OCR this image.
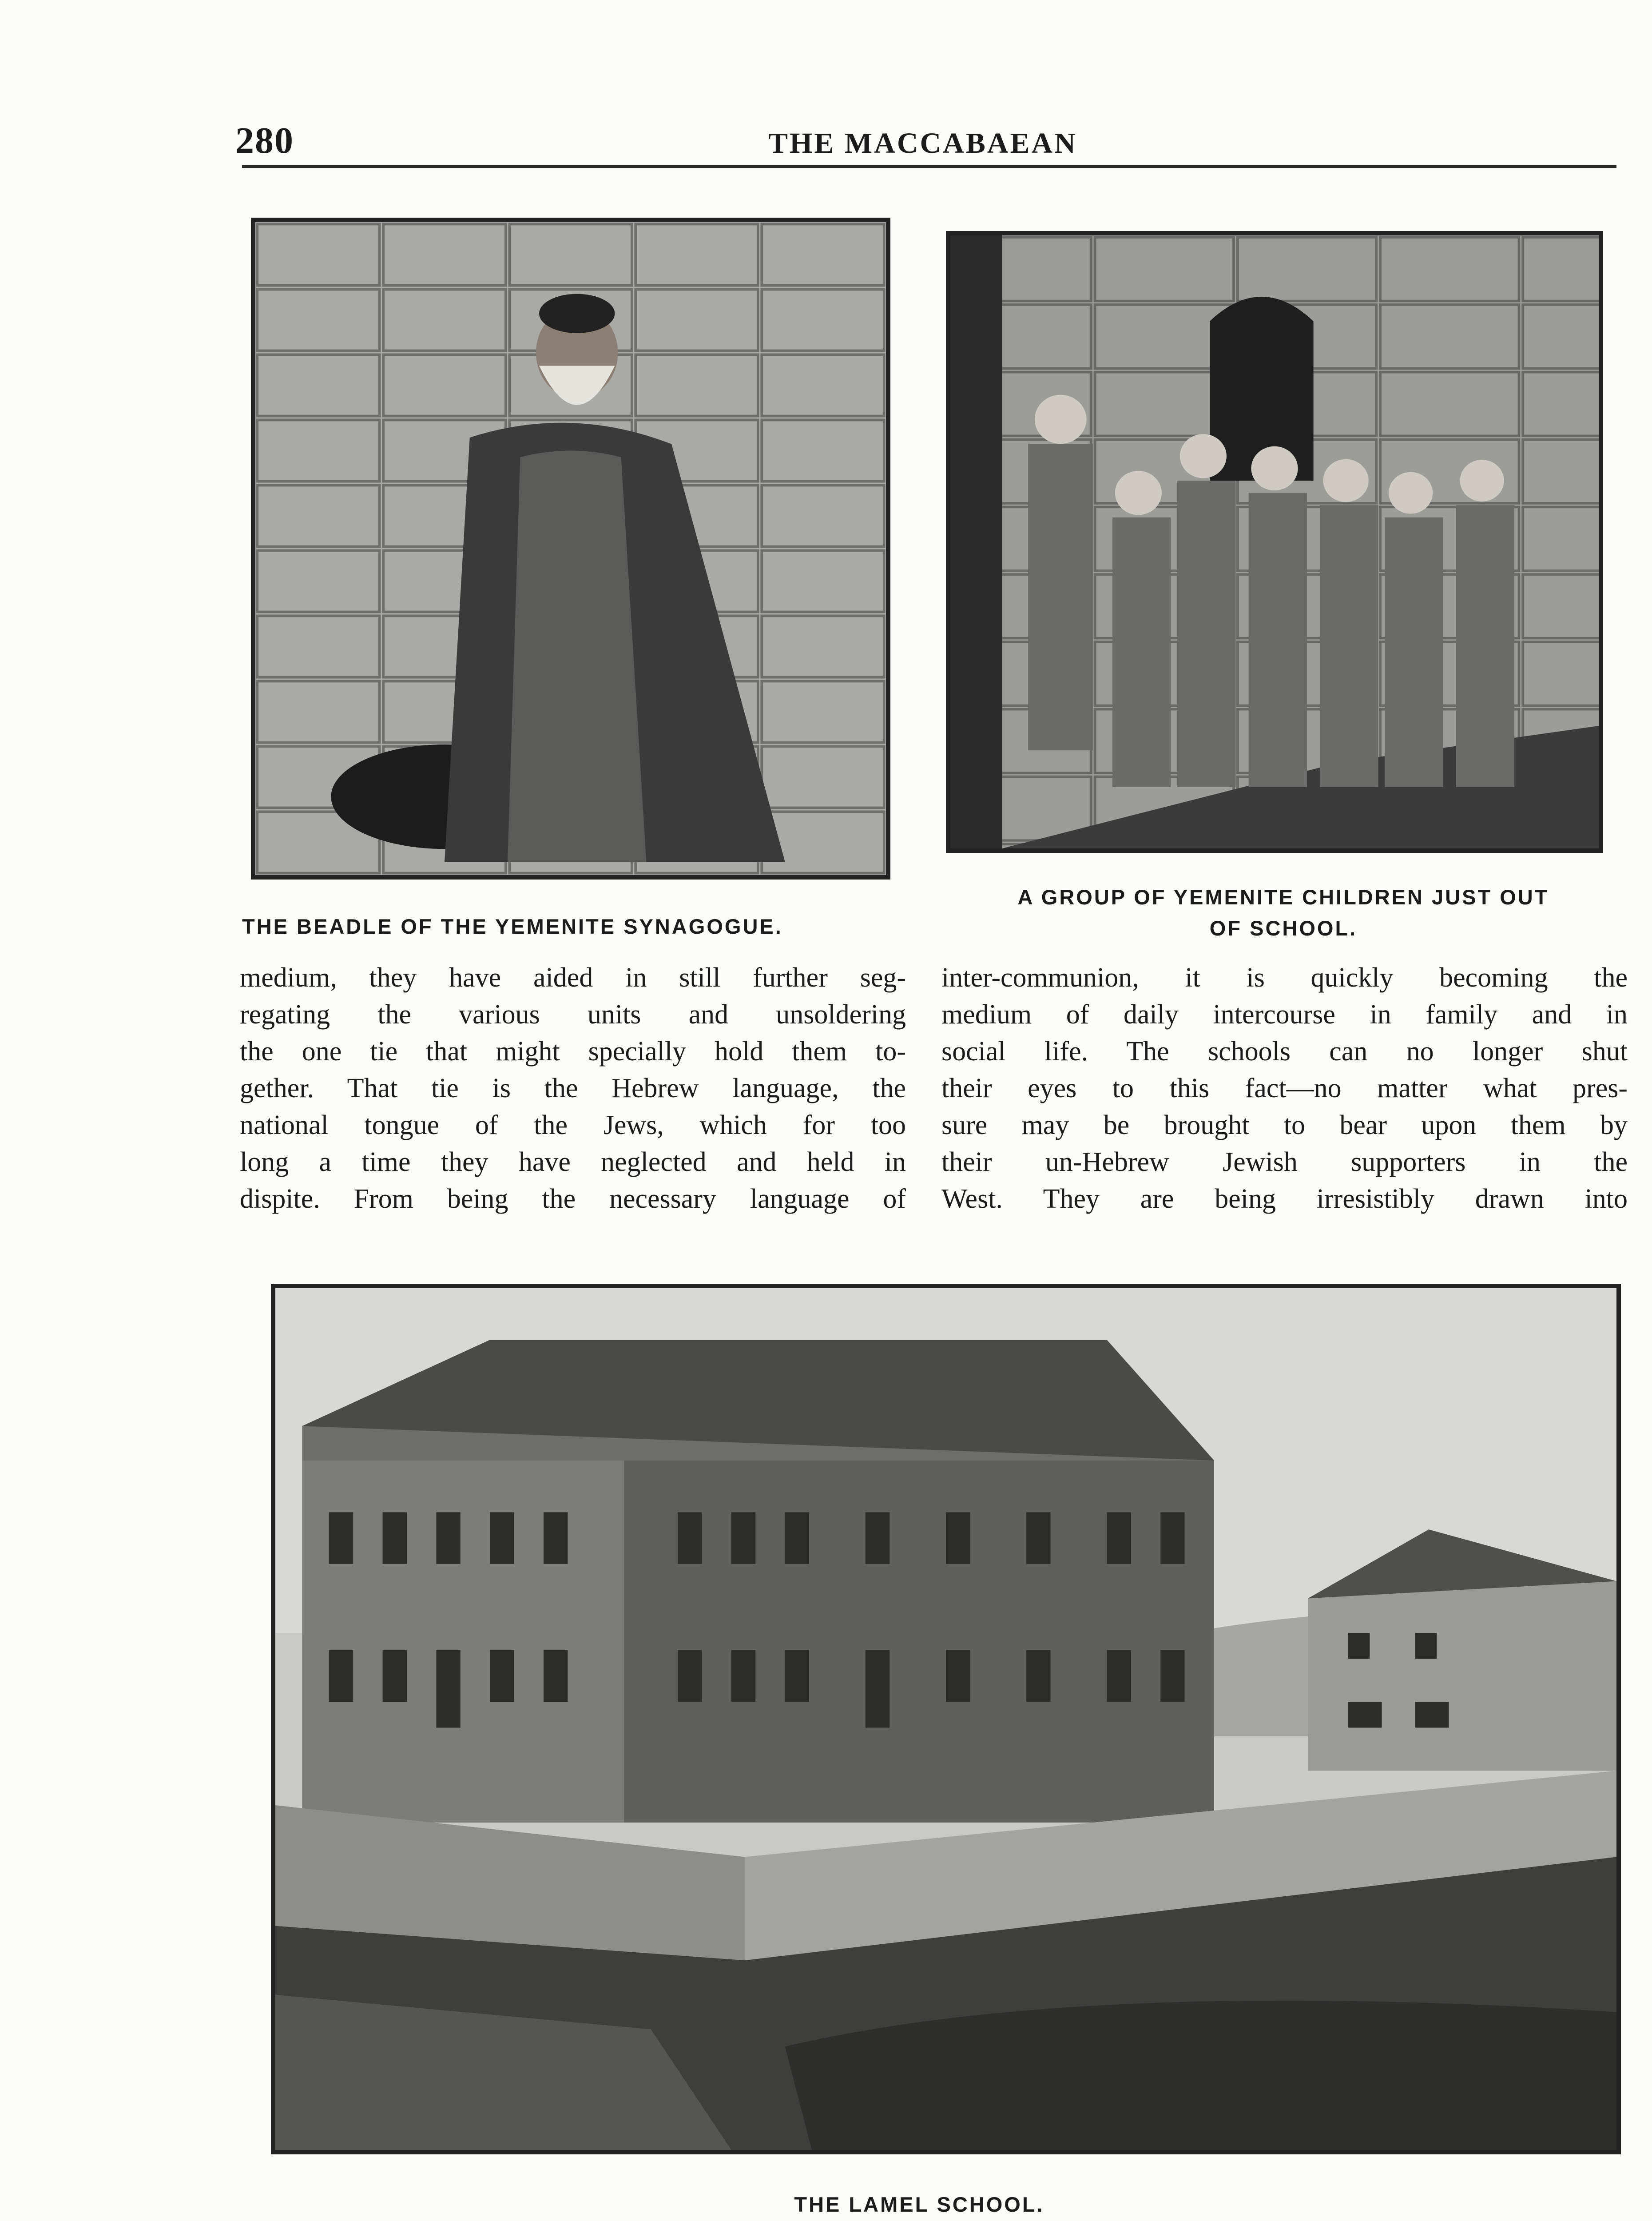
280	THE MACCABAEAN
THE BEADLE OF THE YEMENITE SYNAGOGUE.
A GROUP OF YEMENITE CHILDREN JUST OUT
OF SCHOOL.
medium, they have aided in still further seg-
regating the various units and unsoldering
the one tie that might specially hold them to-
gether. That tie is the Hebrew language, the
national tongue of the Jews, which for too
long a time they have neglected and held in
dispite. From being the necessary language of
inter-communion, it is quickly becoming the
medium of daily intercourse in family and in
social life. The schools can no longer shut
their eyes to this fact—no matter what pres-
sure may be brought to bear upon them by
their un-Hebrew Jewish supporters in the
West. They are being irresistibly drawn into
THE LAMEL SCHOOL.
